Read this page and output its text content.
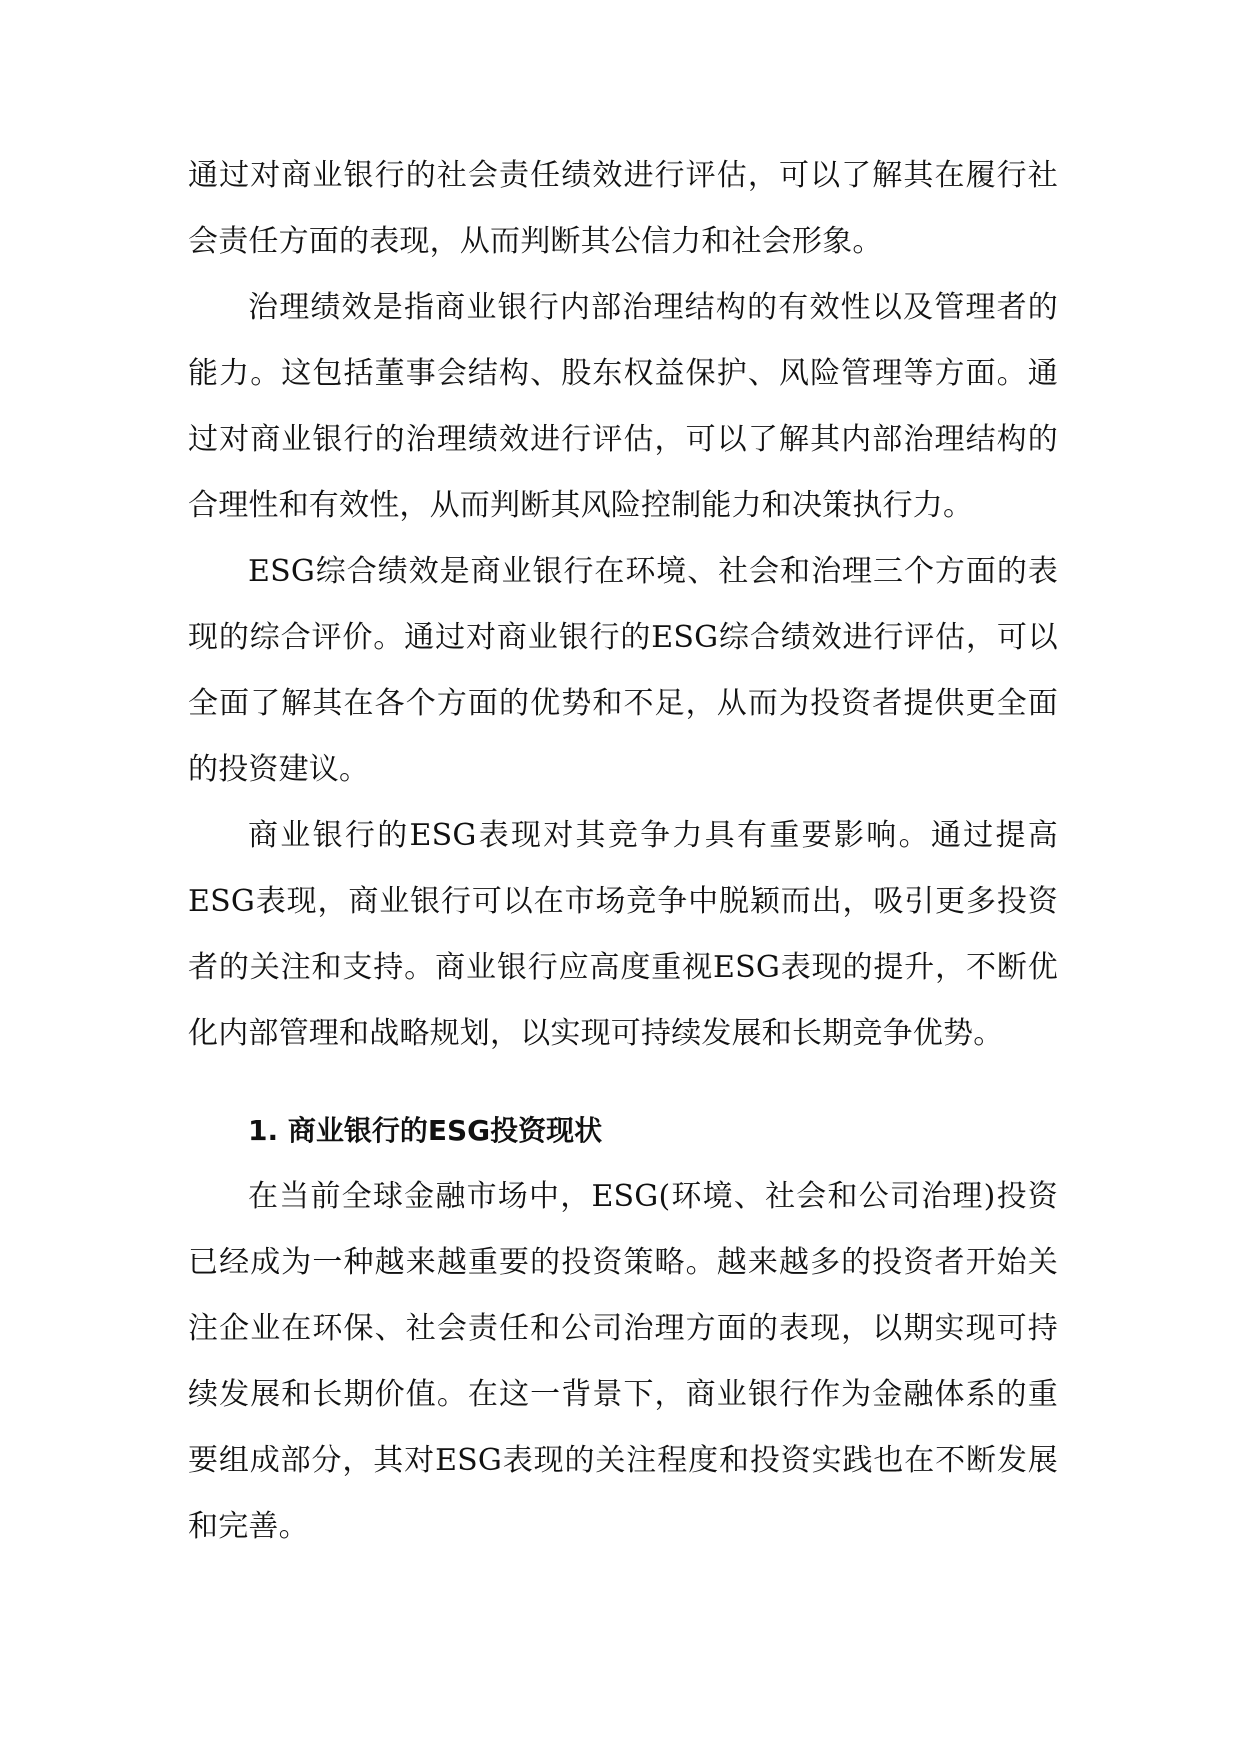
通过对商业银行的社会责任绩效进行评估，可以了解其在履行社会责任方面的表现，从而判断其公信力和社会形象。

治理绩效是指商业银行内部治理结构的有效性以及管理者的能力。这包括董事会结构、股东权益保护、风险管理等方面。通过对商业银行的治理绩效进行评估，可以了解其内部治理结构的合理性和有效性，从而判断其风险控制能力和决策执行力。

ESG综合绩效是商业银行在环境、社会和治理三个方面的表现的综合评价。通过对商业银行的ESG综合绩效进行评估，可以全面了解其在各个方面的优势和不足，从而为投资者提供更全面的投资建议。

商业银行的ESG表现对其竞争力具有重要影响。通过提高ESG表现，商业银行可以在市场竞争中脱颖而出，吸引更多投资者的关注和支持。商业银行应高度重视ESG表现的提升，不断优化内部管理和战略规划，以实现可持续发展和长期竞争优势。

1. 商业银行的ESG投资现状

在当前全球金融市场中，ESG(环境、社会和公司治理)投资已经成为一种越来越重要的投资策略。越来越多的投资者开始关注企业在环保、社会责任和公司治理方面的表现，以期实现可持续发展和长期价值。在这一背景下，商业银行作为金融体系的重要组成部分，其对ESG表现的关注程度和投资实践也在不断发展和完善。
